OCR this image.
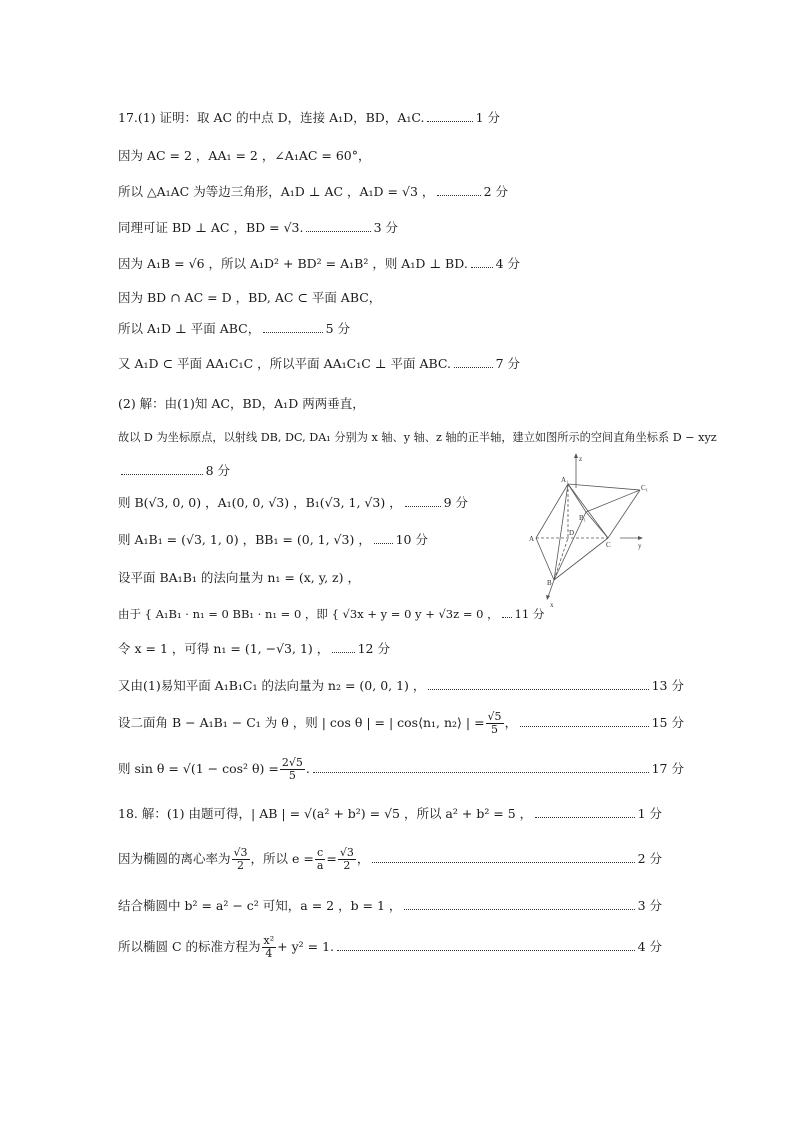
17.(1) 证明：取 AC 的中点 D，连接 A₁D，BD，A₁C.	1 分
因为 AC = 2 ，AA₁ = 2 ，∠A₁AC = 60°，
所以 △A₁AC 为等边三角形，A₁D ⊥ AC ，A₁D = √3 ，	2 分
同理可证 BD ⊥ AC ，BD = √3.	3 分
因为 A₁B = √6 ，所以 A₁D² + BD² = A₁B² ，则 A₁D ⊥ BD. 4 分
因为 BD ∩ AC = D ，BD, AC ⊂ 平面 ABC，
所以 A₁D ⊥ 平面 ABC，	5 分
又 A₁D ⊂ 平面 AA₁C₁C ，所以平面 AA₁C₁C ⊥ 平面 ABC.	7 分
(2) 解：由(1)知 AC，BD，A₁D 两两垂直，
故以 D 为坐标原点，以射线 DB, DC, DA₁ 分别为 x 轴、y 轴、z 轴的正半轴，建立如图所示的空间直角坐标系 D − xyz
8 分
则 B(√3, 0, 0) ，A₁(0, 0, √3) ，B₁(√3, 1, √3) ，	9 分
则 A₁B₁ = (√3, 1, 0) ，BB₁ = (0, 1, √3) ， 10 分
设平面 BA₁B₁ 的法向量为 n₁ = (x, y, z) ，
由于 { A₁B₁ · n₁ = 0 BB₁ · n₁ = 0 ，即 { √3x + y = 0 y + √3z = 0 ， 11 分
令 x = 1 ，可得 n₁ = (1, −√3, 1) ， 12 分
又由(1)易知平面 A₁B₁C₁ 的法向量为 n₂ = (0, 0, 1) ，	13 分
设二面角 B − A₁B₁ − C₁ 为 θ ，则 | cos θ | = | cos⟨n₁, n₂⟩ | = $\frac{√5}{5}$ ，	15 分
则 sin θ = √(1 − cos² $\theta) = \frac{2√5}{5}$ .	17 分
18. 解：(1) 由题可得，| AB | = √(a² + b²) = √5 ，所以 a² + b² = 5 ，	1 分
因为椭圆的离心率为 $\frac{√3}{2}$ ，所以 $e = \frac{c}{a} = \frac{√3}{2}$ ，	2 分
结合椭圆中 b² = a² − c² 可知，a = 2 ，b = 1 ，	3 分
所以椭圆 C 的标准方程为 $\frac{\text{x²}}{4} + y^2 = 1$.	4 分
z
A₁
C₁
B₁
A
D
C	y
B
x
